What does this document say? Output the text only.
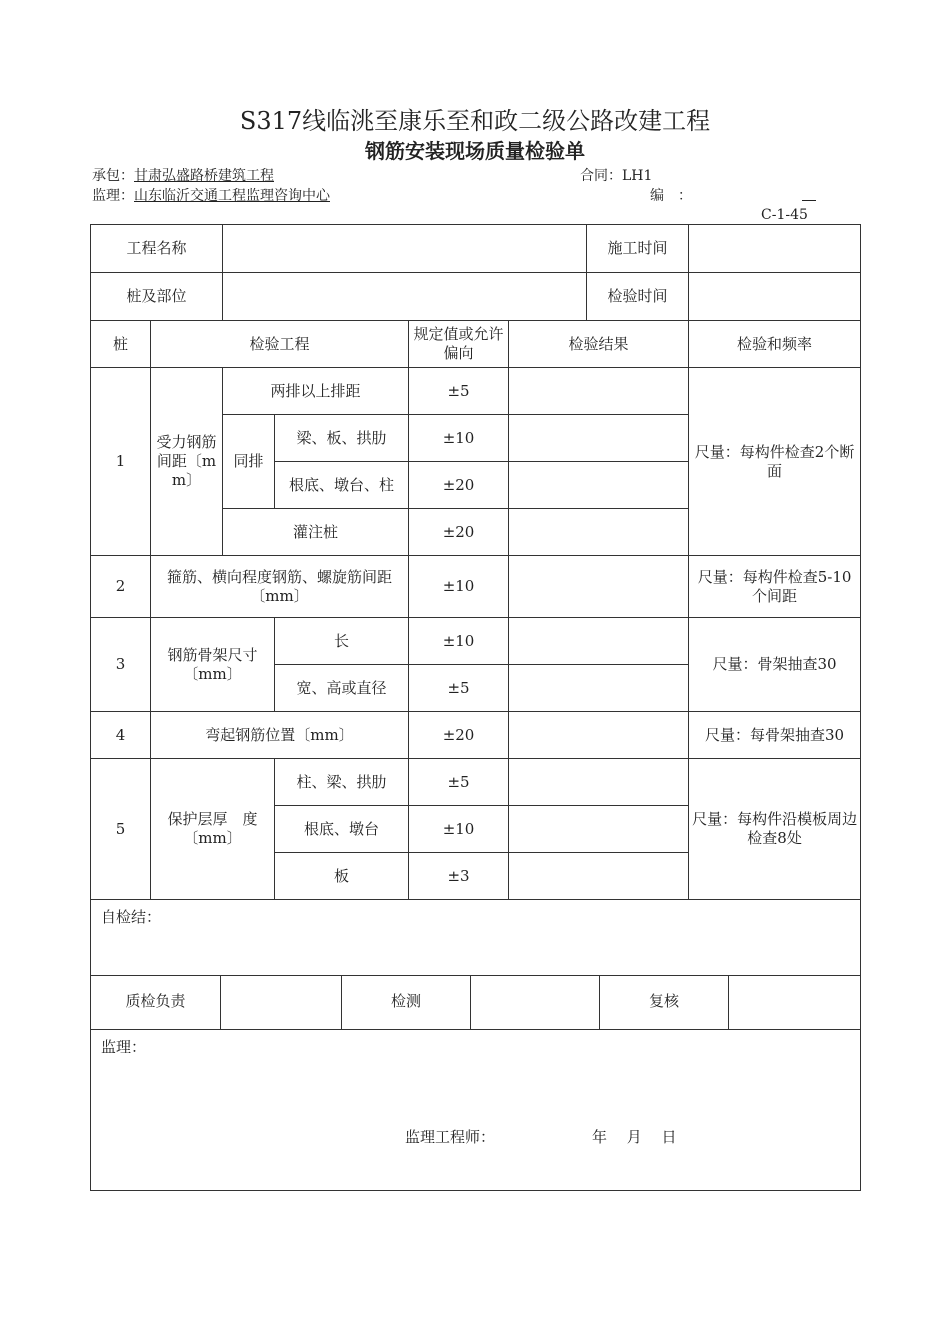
S317线临洮至康乐至和政二级公路改建工程
钢筋安装现场质量检验单
承包：甘肃弘盛路桥建筑工程	合同：LH1
监理：山东临沂交通工程监理咨询中心	编　：
C-1-45
工程名称						施工时间	
桩及部位						检验时间	
桩	检验工程			规定值或允许偏向	检验结果		检验和频率
1	受力钢筋间距〔mm〕	两排以上排距		±5			尺量：每构件检查2个断面
		同排	梁、板、拱肋	±10			
			根底、墩台、柱	±20			
		灌注桩		±20			
2	箍筋、横向程度钢筋、螺旋筋间距〔mm〕			±10			尺量：每构件检查5-10个间距
3	钢筋骨架尺寸〔mm〕		长	±10			尺量：骨架抽查30
			宽、高或直径	±5			
4	弯起钢筋位置〔mm〕			±20			尺量：每骨架抽查30
5	保护层厚　度〔mm〕		柱、梁、拱肋	±5			尺量：每构件沿模板周边检查8处
			根底、墩台	±10			
			板	±3			
自检结：							
质检负责		检测		复核	
监理：
监理工程师：	年　 月　 日
